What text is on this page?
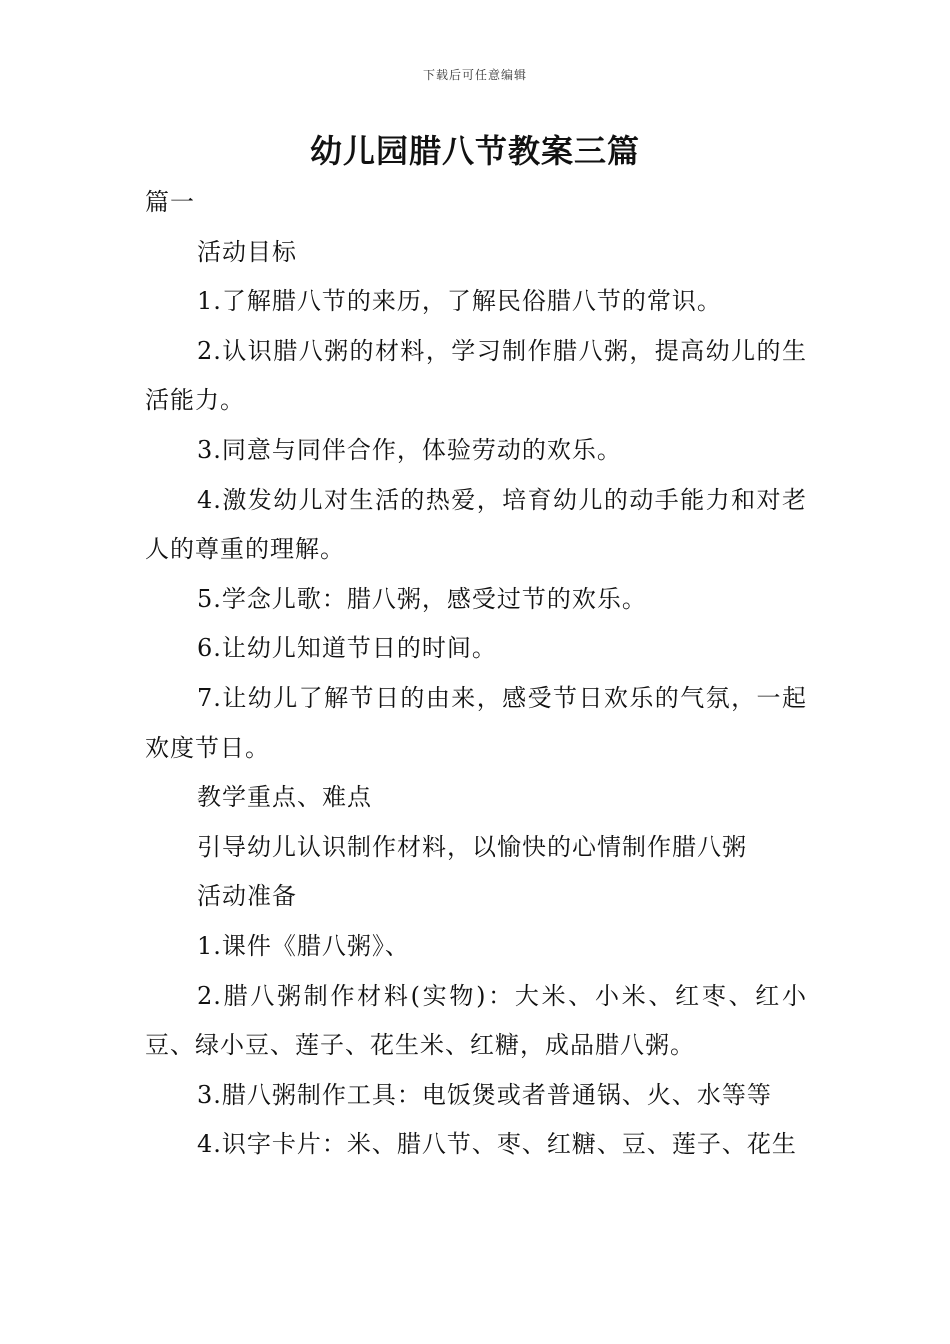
下载后可任意编辑
幼儿园腊八节教案三篇

篇一

活动目标

1.了解腊八节的来历，了解民俗腊八节的常识。

2.认识腊八粥的材料，学习制作腊八粥，提高幼儿的生活能力。

3.同意与同伴合作，体验劳动的欢乐。

4.激发幼儿对生活的热爱，培育幼儿的动手能力和对老人的尊重的理解。

5.学念儿歌：腊八粥，感受过节的欢乐。

6.让幼儿知道节日的时间。

7.让幼儿了解节日的由来，感受节日欢乐的气氛，一起欢度节日。

教学重点、难点

引导幼儿认识制作材料，以愉快的心情制作腊八粥

活动准备

1.课件《腊八粥》、

2.腊八粥制作材料(实物)：大米、小米、红枣、红小豆、绿小豆、莲子、花生米、红糖，成品腊八粥。

3.腊八粥制作工具：电饭煲或者普通锅、火、水等等

4.识字卡片：米、腊八节、枣、红糖、豆、莲子、花生
